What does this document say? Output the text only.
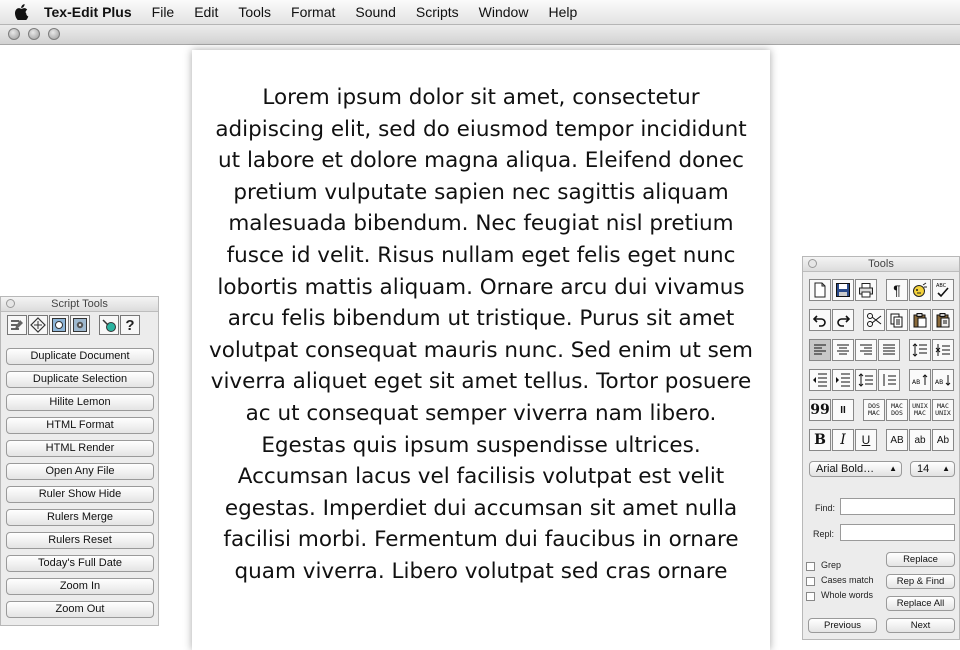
Tex-Edit Plus File Edit Tools Format Sound Scripts Window Help
Lorem ipsum dolor sit amet, consectetur adipiscing elit, sed do eiusmod tempor incididunt ut labore et dolore magna aliqua. Eleifend donec pretium vulputate sapien nec sagittis aliquam malesuada bibendum. Nec feugiat nisl pretium fusce id velit. Risus nullam eget felis eget nunc lobortis mattis aliquam. Ornare arcu dui vivamus arcu felis bibendum ut tristique. Purus sit amet volutpat consequat mauris nunc. Sed enim ut sem viverra aliquet eget sit amet tellus. Tortor posuere ac ut consequat semper viverra nam libero. Egestas quis ipsum suspendisse ultrices. Accumsan lacus vel facilisis volutpat est velit egestas. Imperdiet dui accumsan sit amet nulla facilisi morbi. Fermentum dui faucibus in ornare quam viverra. Libero volutpat sed cras ornare
Script Tools
?
Duplicate Document
Duplicate Selection
Hilite Lemon
HTML Format
HTML Render
Open Any File
Ruler Show Hide
Rulers Merge
Rulers Reset
Today's Full Date
Zoom In
Zoom Out
Tools
¶	ABC
AB AB
99	II	DOS MAC
MAC DOS
UNIX MAC
MAC UNIX
B	I	U	AB	ab	Ab
Arial Bold… ▲	14 ▲
Find:
Repl:
Grep
Cases match
Whole words
Replace
Rep & Find
Replace All
Previous	Next
